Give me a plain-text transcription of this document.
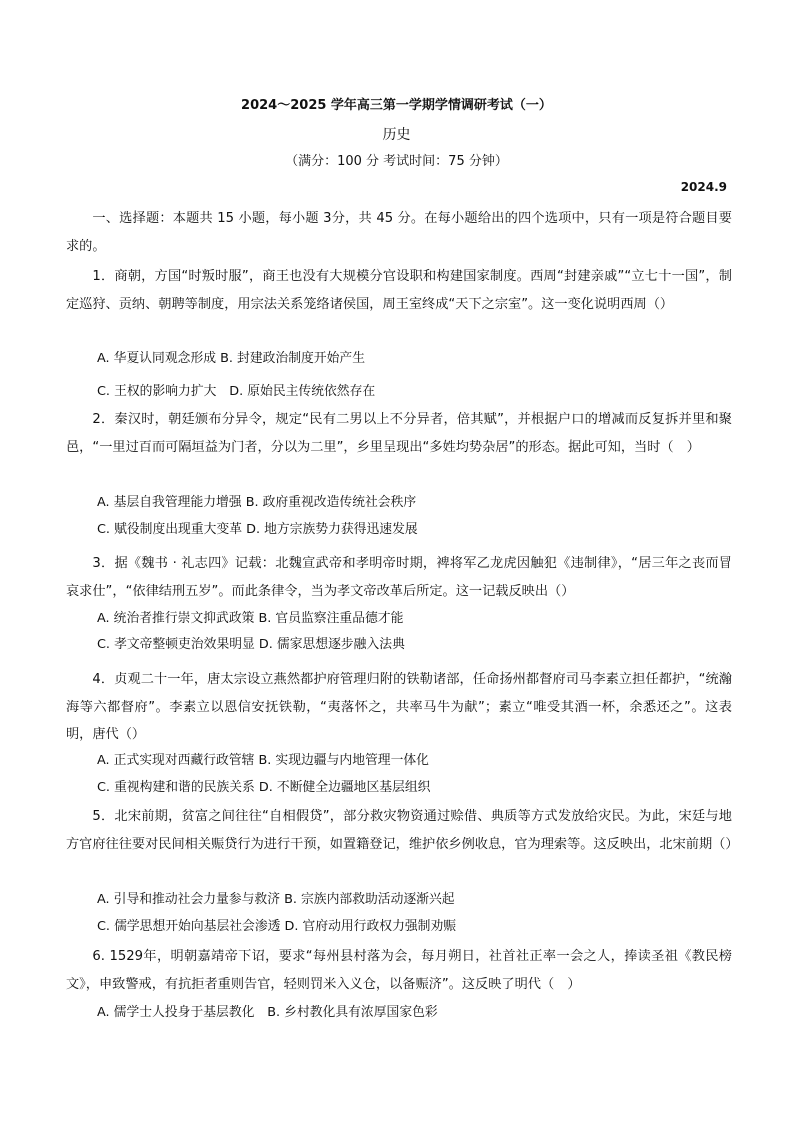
2024～2025 学年高三第一学期学情调研考试（一）
历史
（满分：100 分 考试时间：75 分钟）
2024.9

一、选择题：本题共 15 小题，每小题 3分，共 45 分。在每小题给出的四个选项中，只有一项是符合题目要求的。

1．商朝，方国“时叛时服”，商王也没有大规模分官设职和构建国家制度。西周“封建亲戚”“立七十一国”，制定巡狩、贡纳、朝聘等制度，用宗法关系笼络诸侯国，周王室终成“天下之宗室”。这一变化说明西周（）

A. 华夏认同观念形成 B. 封建政治制度开始产生
C. 王权的影响力扩大　D. 原始民主传统依然存在

2．秦汉时，朝廷颁布分异令，规定“民有二男以上不分异者，倍其赋”，并根据户口的增减而反复拆并里和聚邑，“一里过百而可隔垣益为门者，分以为二里”，乡里呈现出“多姓均势杂居”的形态。据此可知，当时（　）

A. 基层自我管理能力增强 B. 政府重视改造传统社会秩序
C. 赋役制度出现重大变革 D. 地方宗族势力获得迅速发展

3．据《魏书 · 礼志四》记载：北魏宣武帝和孝明帝时期，裨将军乙龙虎因触犯《违制律》，“居三年之丧而冒哀求仕”，“依律结刑五岁”。而此条律令，当为孝文帝改革后所定。这一记载反映出（）

A. 统治者推行崇文抑武政策 B. 官员监察注重品德才能
C. 孝文帝整顿吏治效果明显 D. 儒家思想逐步融入法典

4．贞观二十一年，唐太宗设立燕然都护府管理归附的铁勒诸部，任命扬州都督府司马李素立担任都护，“统瀚海等六都督府”。李素立以恩信安抚铁勒，“夷落怀之，共率马牛为献”；素立“唯受其酒一杯，余悉还之”。这表明，唐代（）

A. 正式实现对西藏行政管辖 B. 实现边疆与内地管理一体化
C. 重视构建和谐的民族关系 D. 不断健全边疆地区基层组织

5．北宋前期，贫富之间往往“自相假贷”，部分救灾物资通过赊借、典质等方式发放给灾民。为此，宋廷与地方官府往往要对民间相关赈贷行为进行干预，如置籍登记，维护依乡例收息，官为理索等。这反映出，北宋前期（）

A. 引导和推动社会力量参与救济 B. 宗族内部救助活动逐渐兴起
C. 儒学思想开始向基层社会渗透 D. 官府动用行政权力强制劝赈

6. 1529年，明朝嘉靖帝下诏，要求“每州县村落为会，每月朔日，社首社正率一会之人，捧读圣祖《教民榜文》，申致警戒，有抗拒者重则告官，轻则罚米入义仓，以备赈济”。这反映了明代（　）

A. 儒学士人投身于基层教化　B. 乡村教化具有浓厚国家色彩
